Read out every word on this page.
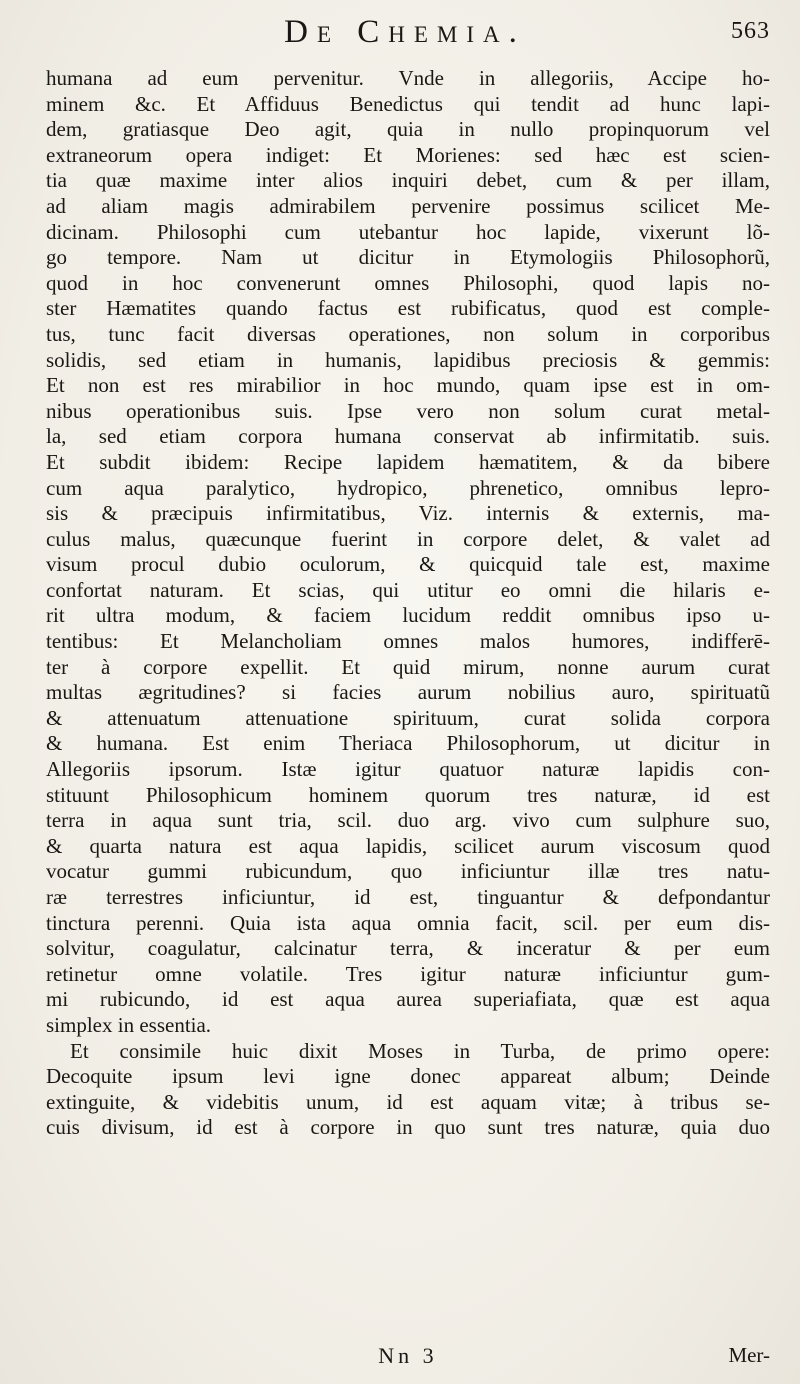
De Chemia.	563
humana ad eum pervenitur. Vnde in allegoriis, Accipe ho-
minem &c. Et Affiduus Benedictus qui tendit ad hunc lapi-
dem, gratiasque Deo agit, quia in nullo propinquorum vel
extraneorum opera indiget: Et Morienes: sed hæc est scien-
tia quæ maxime inter alios inquiri debet, cum & per illam,
ad aliam magis admirabilem pervenire possimus scilicet Me-
dicinam. Philosophi cum utebantur hoc lapide, vixerunt lõ-
go tempore. Nam ut dicitur in Etymologiis Philosophorũ,
quod in hoc convenerunt omnes Philosophi, quod lapis no-
ster Hæmatites quando factus est rubificatus, quod est comple-
tus, tunc facit diversas operationes, non solum in corporibus
solidis, sed etiam in humanis, lapidibus preciosis & gemmis:
Et non est res mirabilior in hoc mundo, quam ipse est in om-
nibus operationibus suis. Ipse vero non solum curat metal-
la, sed etiam corpora humana conservat ab infirmitatib. suis.
Et subdit ibidem: Recipe lapidem hæmatitem, & da bibere
cum aqua paralytico, hydropico, phrenetico, omnibus lepro-
sis & præcipuis infirmitatibus, Viz. internis & externis, ma-
culus malus, quæcunque fuerint in corpore delet, & valet ad
visum procul dubio oculorum, & quicquid tale est, maxime
confortat naturam. Et scias, qui utitur eo omni die hilaris e-
rit ultra modum, & faciem lucidum reddit omnibus ipso u-
tentibus: Et Melancholiam omnes malos humores, indifferē-
ter à corpore expellit. Et quid mirum, nonne aurum curat
multas ægritudines? si facies aurum nobilius auro, spirituatũ
& attenuatum attenuatione spirituum, curat solida corpora
& humana. Est enim Theriaca Philosophorum, ut dicitur in
Allegoriis ipsorum. Istæ igitur quatuor naturæ lapidis con-
stituunt Philosophicum hominem quorum tres naturæ, id est
terra in aqua sunt tria, scil. duo arg. vivo cum sulphure suo,
& quarta natura est aqua lapidis, scilicet aurum viscosum quod
vocatur gummi rubicundum, quo inficiuntur illæ tres natu-
ræ terrestres inficiuntur, id est, tinguantur & defpondantur
tinctura perenni. Quia ista aqua omnia facit, scil. per eum dis-
solvitur, coagulatur, calcinatur terra, & inceratur & per eum
retinetur omne volatile. Tres igitur naturæ inficiuntur gum-
mi rubicundo, id est aqua aurea superiafiata, quæ est aqua
simplex in essentia.
Et consimile huic dixit Moses in Turba, de primo opere:
Decoquite ipsum levi igne donec appareat album; Deinde
extinguite, & videbitis unum, id est aquam vitæ; à tribus se-
cuis divisum, id est à corpore in quo sunt tres naturæ, quia duo
Nn 3	Mer-
